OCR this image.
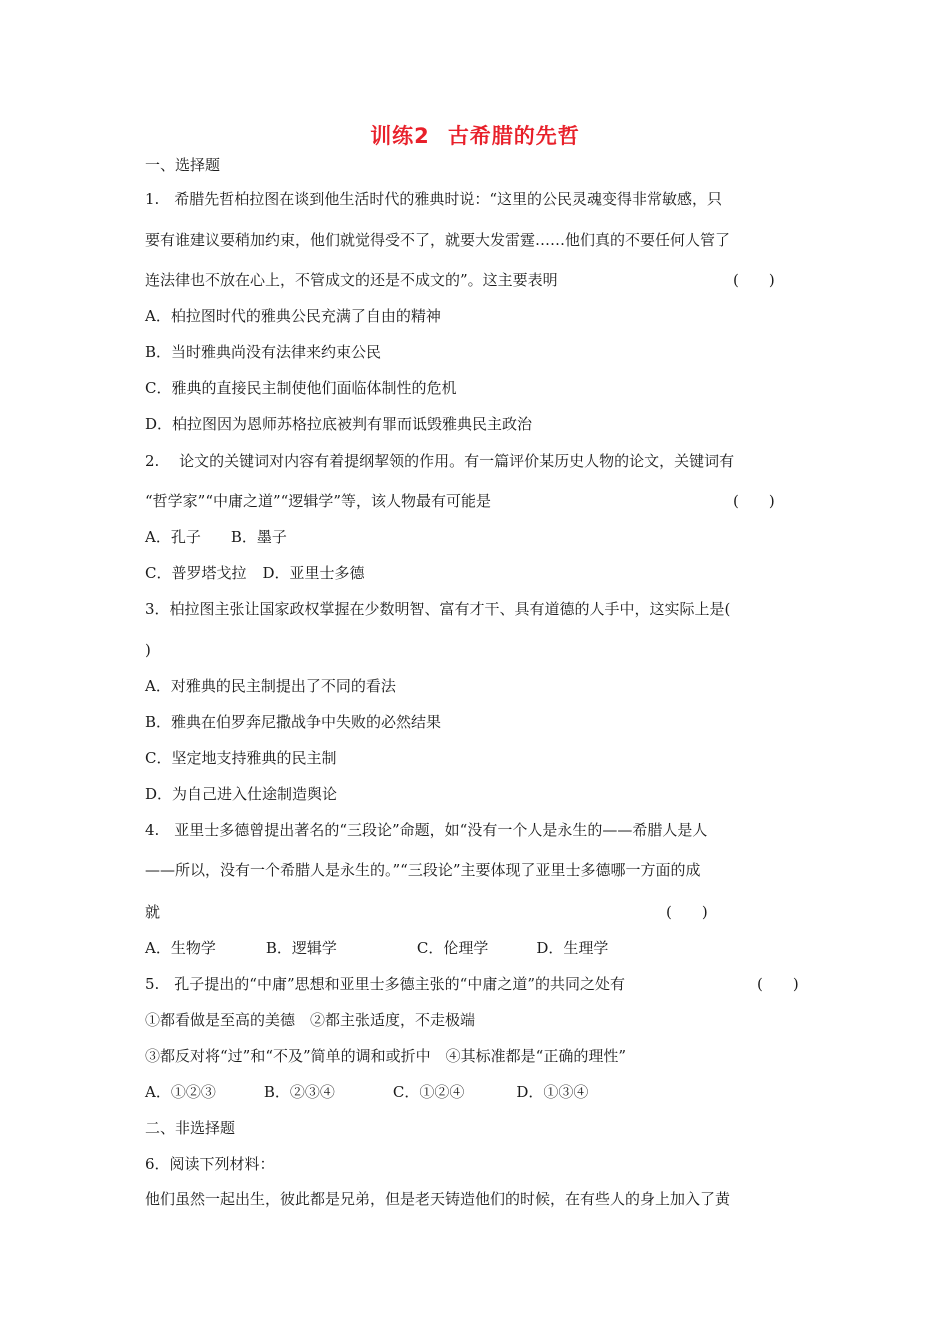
训练2 古希腊的先哲
一、选择题
1.　希腊先哲柏拉图在谈到他生活时代的雅典时说：“这里的公民灵魂变得非常敏感，只
要有谁建议要稍加约束，他们就觉得受不了，就要大发雷霆……他们真的不要任何人管了
连法律也不放在心上，不管成文的还是不成文的”。这主要表明	(　　)
A．柏拉图时代的雅典公民充满了自由的精神
B．当时雅典尚没有法律来约束公民
C．雅典的直接民主制使他们面临体制性的危机
D．柏拉图因为恩师苏格拉底被判有罪而诋毁雅典民主政治
2.　 论文的关键词对内容有着提纲挈领的作用。有一篇评价某历史人物的论文，关键词有
“哲学家”“中庸之道”“逻辑学”等，该人物最有可能是	(　　)
A．孔子 B．墨子
C．普罗塔戈拉 D．亚里士多德
3．柏拉图主张让国家政权掌握在少数明智、富有才干、具有道德的人手中，这实际上是(
)
A．对雅典的民主制提出了不同的看法
B．雅典在伯罗奔尼撒战争中失败的必然结果
C．坚定地支持雅典的民主制
D．为自己进入仕途制造舆论
4.　亚里士多德曾提出著名的“三段论”命题，如“没有一个人是永生的——希腊人是人
——所以，没有一个希腊人是永生的。”“三段论”主要体现了亚里士多德哪一方面的成
就	(　　)
A．生物学	B．逻辑学	C．伦理学	D．生理学
5.　孔子提出的“中庸”思想和亚里士多德主张的“中庸之道”的共同之处有	(　　)
①都看做是至高的美德　②都主张适度，不走极端
③都反对将“过”和“不及”简单的调和或折中　④其标准都是“正确的理性”
A．①②③	B．②③④	C．①②④	D．①③④
二、非选择题
6．阅读下列材料：
他们虽然一起出生，彼此都是兄弟，但是老天铸造他们的时候，在有些人的身上加入了黄
